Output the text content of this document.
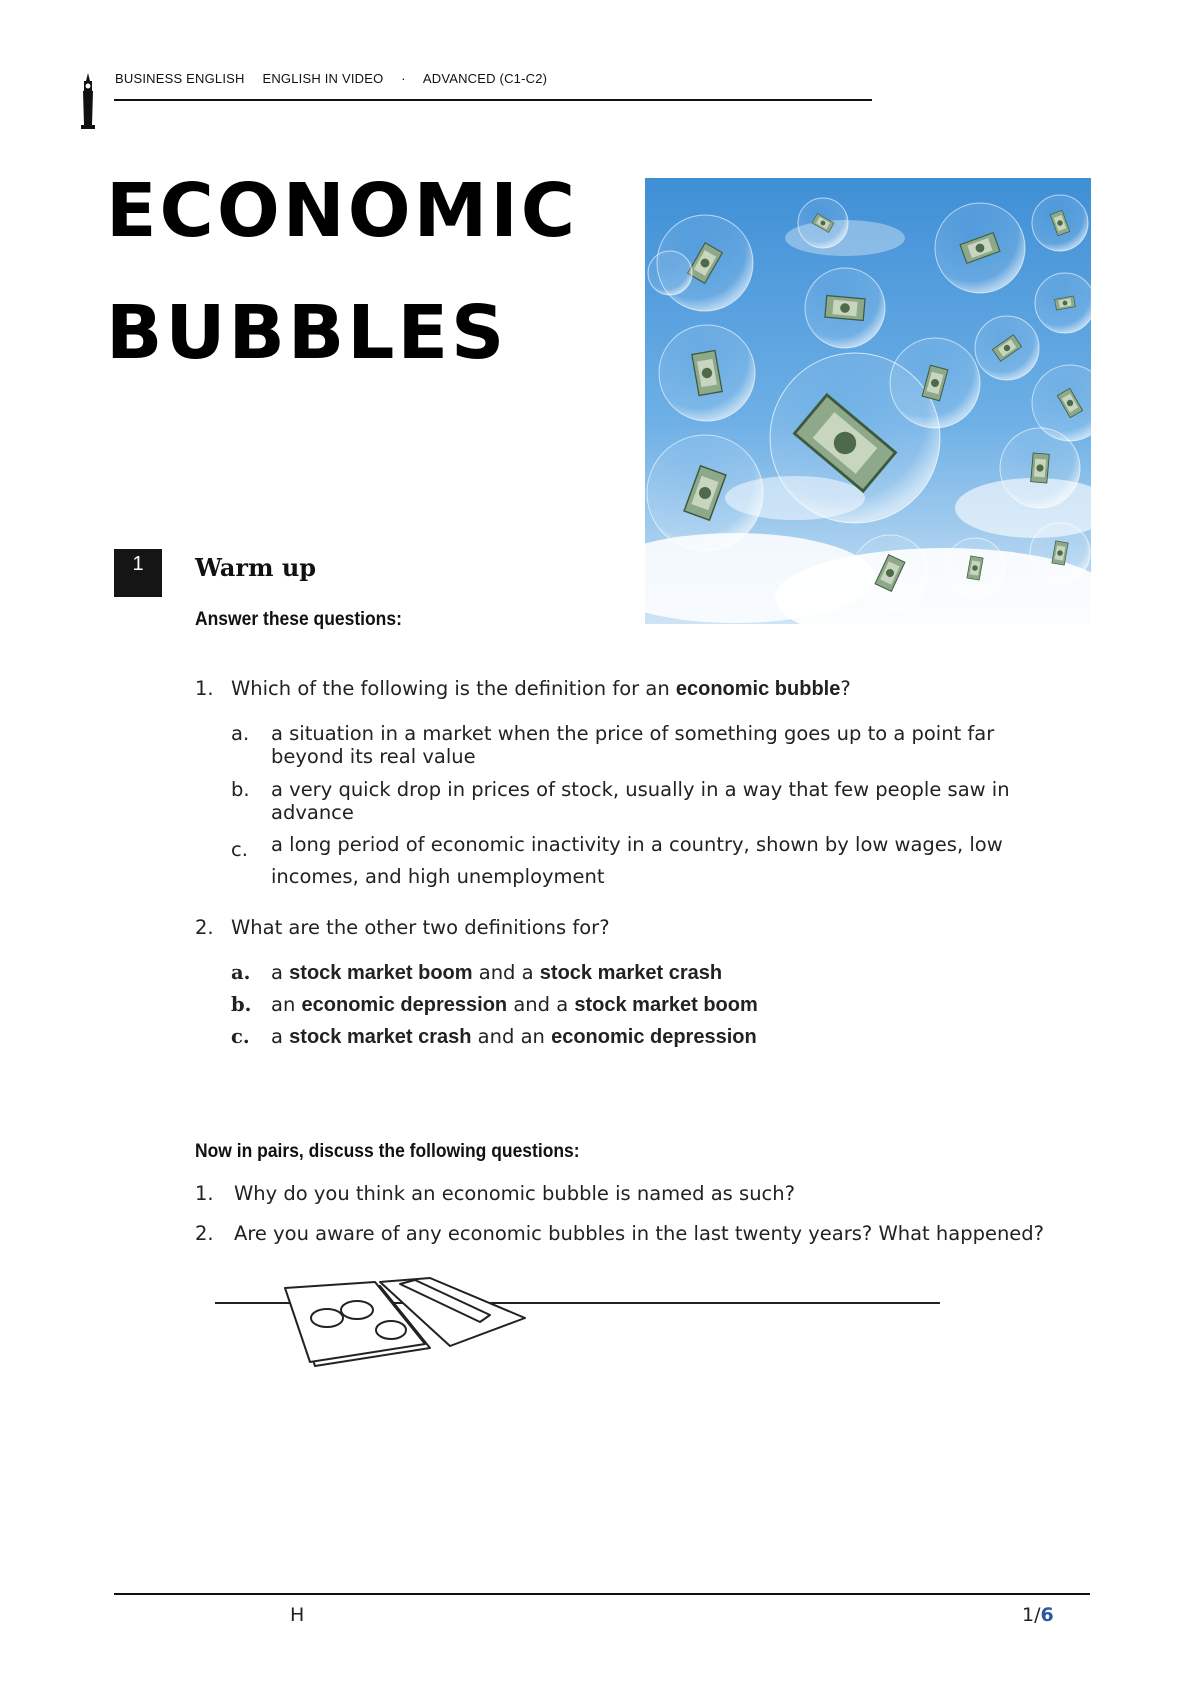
BUSINESS ENGLISH ENGLISH IN VIDEO · ADVANCED (C1-C2)
ECONOMIC
BUBBLES
1	Warm up
Answer these questions:
1. Which of the following is the definition for an economic bubble?
a. a situation in a market when the price of something goes up to a point far beyond its real value
b. a very quick drop in prices of stock, usually in a way that few people saw in advance
c. a long period of economic inactivity in a country, shown by low wages, low incomes, and high unemployment
2. What are the other two definitions for?
a. a stock market boom and a stock market crash
b. an economic depression and a stock market boom
c. a stock market crash and an economic depression
Now in pairs, discuss the following questions:
1. Why do you think an economic bubble is named as such?
2. Are you aware of any economic bubbles in the last twenty years? What happened?
H	1/6
